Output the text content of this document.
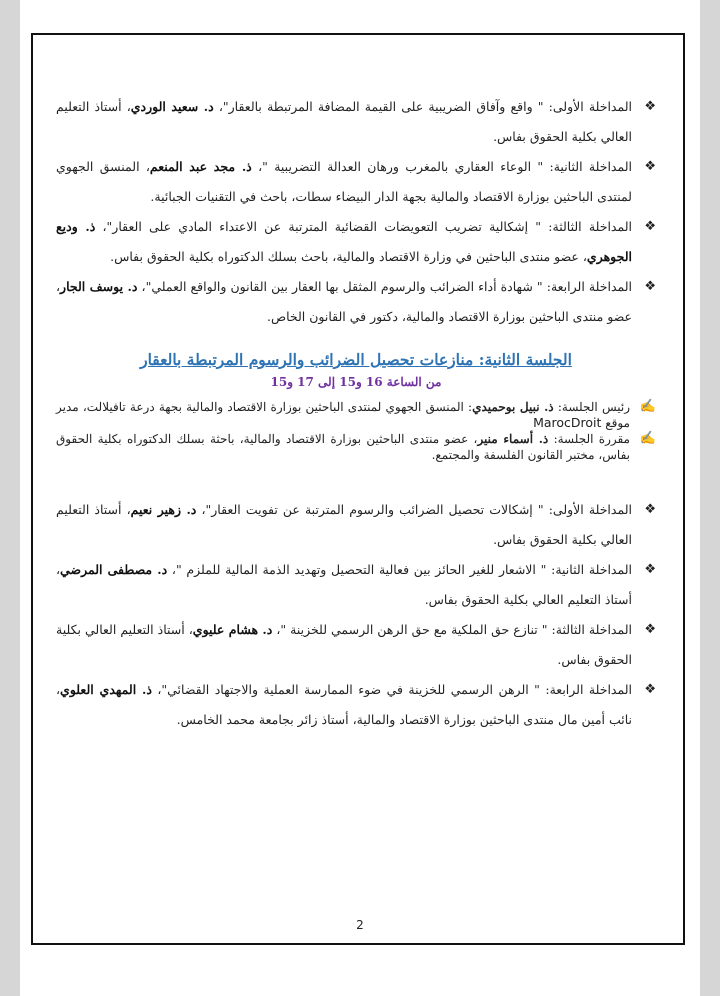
❖
المداخلة الأولى: " واقع وآفاق الضريبية على القيمة المضافة المرتبطة بالعقار"، د. سعيد الوردي، أستاذ التعليم العالي بكلية الحقوق بفاس.

❖
المداخلة الثانية: " الوعاء العقاري بالمغرب ورهان العدالة التضريبية "، ذ. مجد عبد المنعم، المنسق الجهوي لمنتدى الباحثين بوزارة الاقتصاد والمالية بجهة الدار البيضاء سطات، باحث في التقنيات الجبائية.

❖
المداخلة الثالثة: " إشكالية تضريب التعويضات القضائية المترتبة عن الاعتداء المادي على العقار"، ذ. وديع الجوهري، عضو منتدى الباحثين في وزارة الاقتصاد والمالية، باحث بسلك الدكتوراه بكلية الحقوق بفاس.

❖
المداخلة الرابعة: " شهادة أداء الضرائب والرسوم المثقل بها العقار بين القانون والواقع العملي"، د. يوسف الجار، عضو منتدى الباحثين بوزارة الاقتصاد والمالية، دكتور في القانون الخاص.

الجلسة الثانية: منازعات تحصيل الضرائب والرسوم المرتبطة بالعقار

من الساعة 16 و15 إلى 17 و15

✍
رئيس الجلسة: ذ. نبيل بوحميدي: المنسق الجهوي لمنتدى الباحثين بوزارة الاقتصاد والمالية بجهة درعة تافيلالت، مدير موقع MarocDroit

✍
مقررة الجلسة: ذ. أسماء منير، عضو منتدى الباحثين بوزارة الاقتصاد والمالية، باحثة بسلك الدكتوراه بكلية الحقوق بفاس، مختبر القانون الفلسفة والمجتمع.

❖
المداخلة الأولى: " إشكالات تحصيل الضرائب والرسوم المترتبة عن تفويت العقار"، د. زهير نعيم، أستاذ التعليم العالي بكلية الحقوق بفاس.

❖
المداخلة الثانية: " الاشعار للغير الحائز بين فعالية التحصيل وتهديد الذمة المالية للملزم "، د. مصطفى المرضي، أستاذ التعليم العالي بكلية الحقوق بفاس.

❖
المداخلة الثالثة: " تنازع حق الملكية مع حق الرهن الرسمي للخزينة "، د. هشام عليوي، أستاذ التعليم العالي بكلية الحقوق بفاس.

❖
المداخلة الرابعة: " الرهن الرسمي للخزينة في ضوء الممارسة العملية والاجتهاد القضائي"، ذ. المهدي العلوي، نائب أمين مال منتدى الباحثين بوزارة الاقتصاد والمالية، أستاذ زائر بجامعة محمد الخامس.

2
